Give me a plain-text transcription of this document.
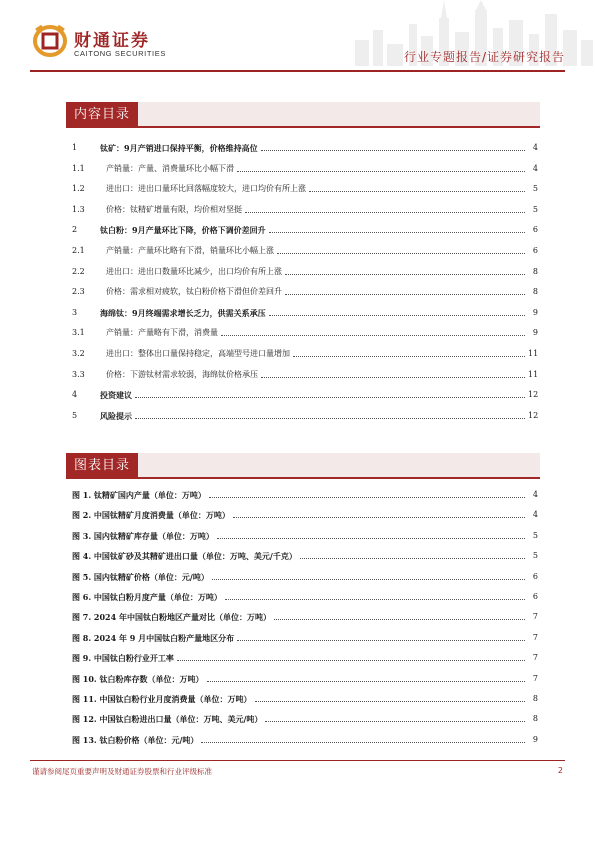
财通证券
CAITONG SECURITIES	行业专题报告/证券研究报告
内容目录
1	钛矿：9月产销进口保持平衡，价格维持高位	4
1.1	产销量：产量、消费量环比小幅下滑	4
1.2	进出口：进出口量环比回落幅度较大，进口均价有所上涨	5
1.3	价格：钛精矿增量有限，均价相对坚挺	5
2	钛白粉：9月产量环比下降，价格下调价差回升	6
2.1	产销量：产量环比略有下滑，销量环比小幅上涨	6
2.2	进出口：进出口数量环比减少，出口均价有所上涨	8
2.3	价格：需求相对疲软，钛白粉价格下滑但价差回升	8
3	海绵钛：9月终端需求增长乏力，供需关系承压	9
3.1	产销量：产量略有下滑，消费量	9
3.2	进出口：整体出口量保持稳定，高端型号进口量增加	11
3.3	价格：下游钛材需求较弱，海绵钛价格承压	11
4	投资建议	12
5	风险提示	12
图表目录
图 1. 钛精矿国内产量（单位：万吨）	4
图 2. 中国钛精矿月度消费量（单位：万吨）	4
图 3. 国内钛精矿库存量（单位：万吨）	5
图 4. 中国钛矿砂及其精矿进出口量（单位：万吨、美元/千克）	5
图 5. 国内钛精矿价格（单位：元/吨）	6
图 6. 中国钛白粉月度产量（单位：万吨）	6
图 7. 2024 年中国钛白粉地区产量对比（单位：万吨）	7
图 8. 2024 年 9 月中国钛白粉产量地区分布	7
图 9. 中国钛白粉行业开工率	7
图 10. 钛白粉库存数（单位：万吨）	7
图 11. 中国钛白粉行业月度消费量（单位：万吨）	8
图 12. 中国钛白粉进出口量（单位：万吨、美元/吨）	8
图 13. 钛白粉价格（单位：元/吨）	9
谨请参阅尾页重要声明及财通证券股票和行业评级标准	2
